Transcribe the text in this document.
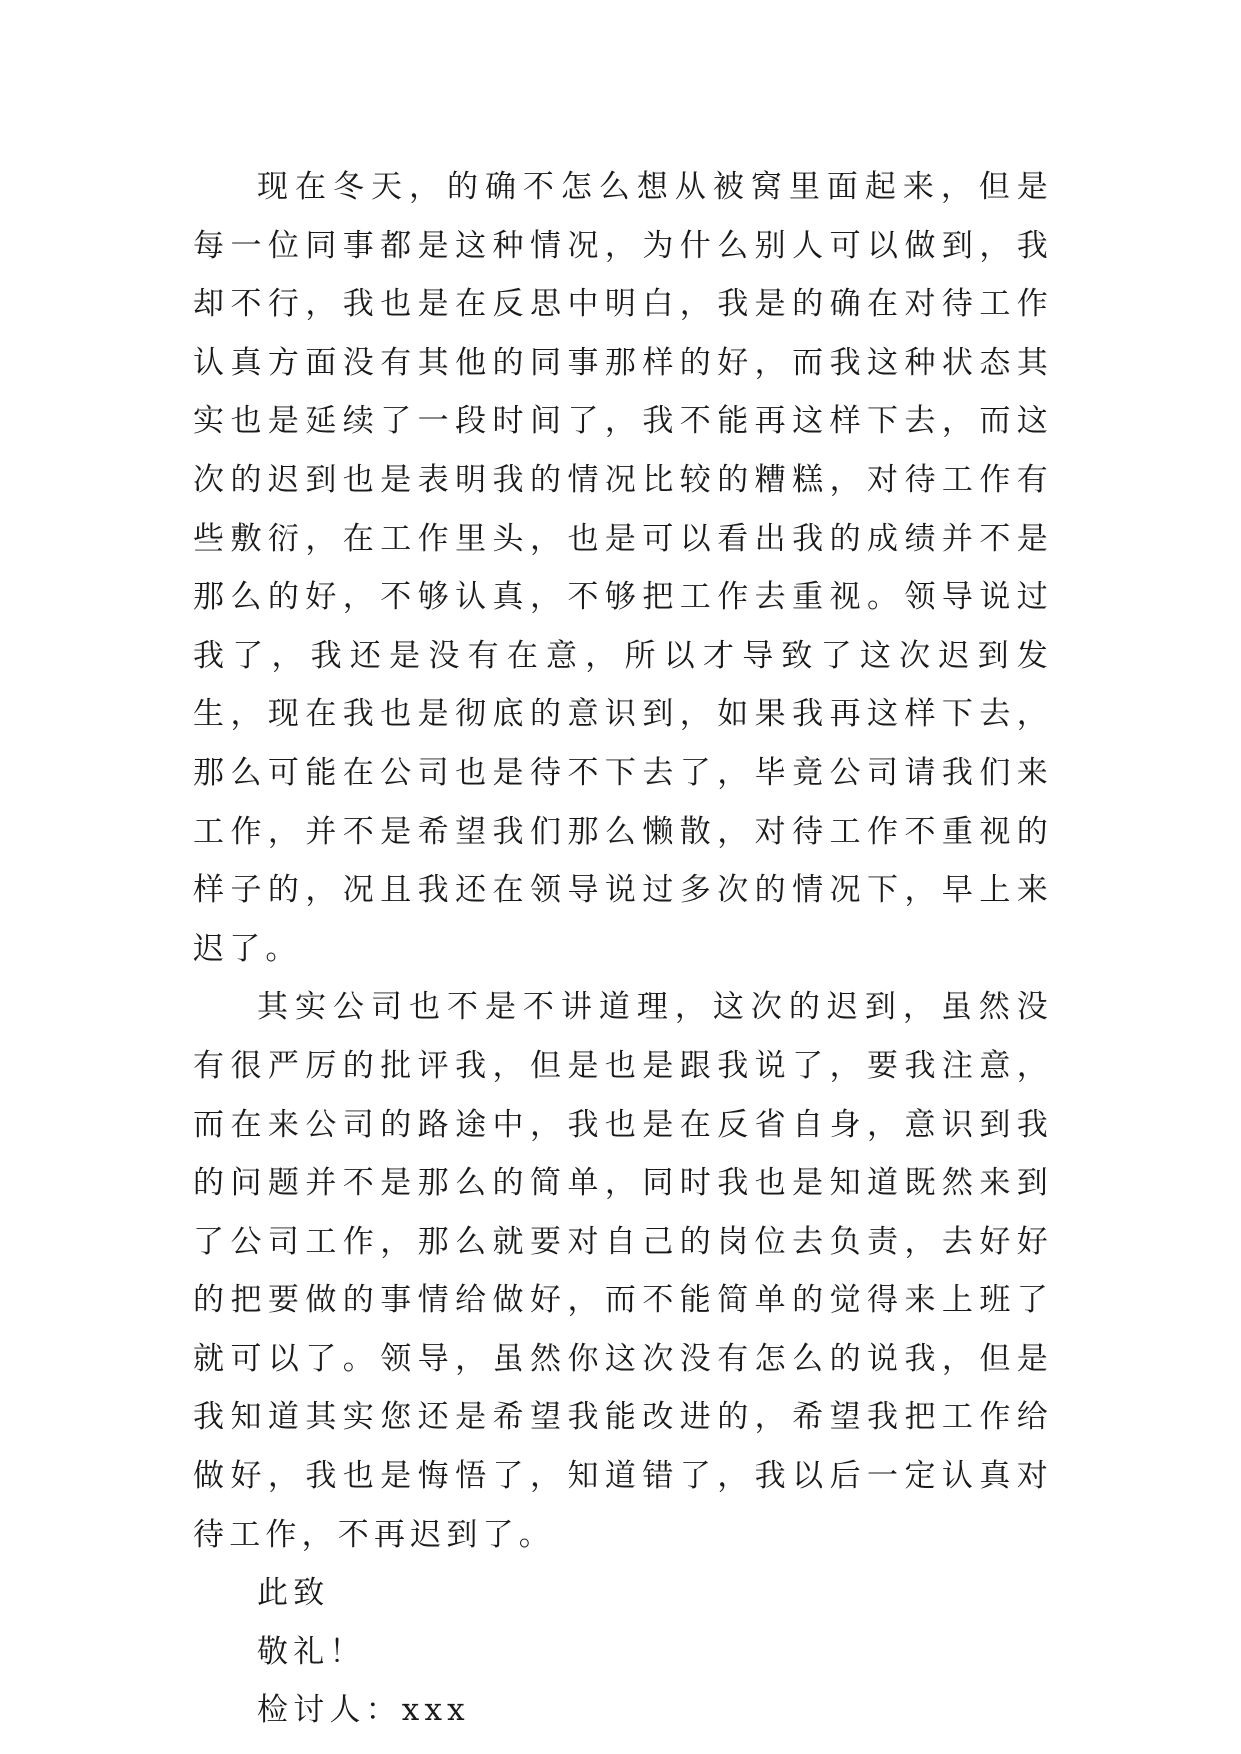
现在冬天，的确不怎么想从被窝里面起来，但是每一位同事都是这种情况，为什么别人可以做到，我却不行，我也是在反思中明白，我是的确在对待工作认真方面没有其他的同事那样的好，而我这种状态其实也是延续了一段时间了，我不能再这样下去，而这次的迟到也是表明我的情况比较的糟糕，对待工作有些敷衍，在工作里头，也是可以看出我的成绩并不是那么的好，不够认真，不够把工作去重视。领导说过我了，我还是没有在意，所以才导致了这次迟到发生，现在我也是彻底的意识到，如果我再这样下去，那么可能在公司也是待不下去了，毕竟公司请我们来工作，并不是希望我们那么懒散，对待工作不重视的样子的，况且我还在领导说过多次的情况下，早上来迟了。

其实公司也不是不讲道理，这次的迟到，虽然没有很严厉的批评我，但是也是跟我说了，要我注意，而在来公司的路途中，我也是在反省自身，意识到我的问题并不是那么的简单，同时我也是知道既然来到了公司工作，那么就要对自己的岗位去负责，去好好的把要做的事情给做好，而不能简单的觉得来上班了就可以了。领导，虽然你这次没有怎么的说我，但是我知道其实您还是希望我能改进的，希望我把工作给做好，我也是悔悟了，知道错了，我以后一定认真对待工作，不再迟到了。

此致

敬礼！

检讨人：xxx
